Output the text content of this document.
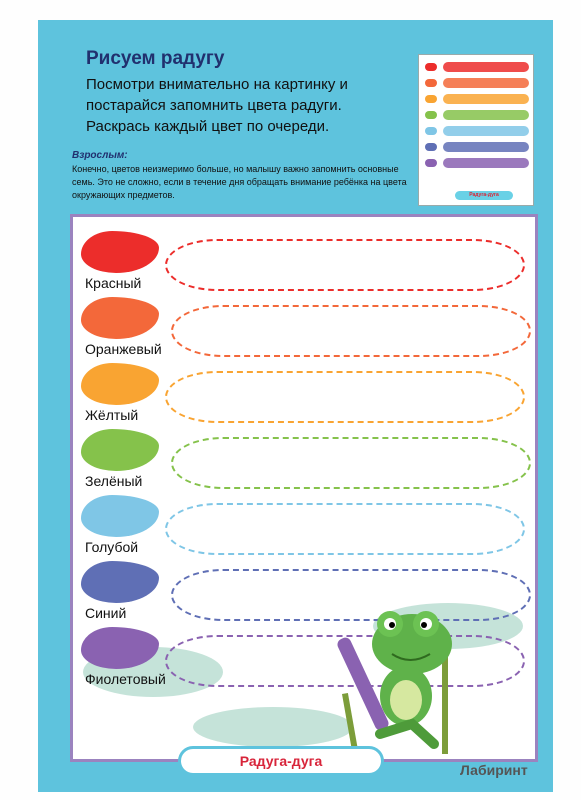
Рисуем радугу
Посмотри внимательно на картинку и постарайся запомнить цвета радуги. Раскрась каждый цвет по очереди.
Взрослым:
Конечно, цветов неизмеримо больше, но малышу важно запомнить основные семь. Это не сложно, если в течение дня обращать внимание ребёнка на цвета окружающих предметов.	Радуга-дуга
Красный
Оранжевый
Жёлтый
Зелёный
Голубой
Синий
Фиолетовый
Радуга-дуга
Лабиринт
